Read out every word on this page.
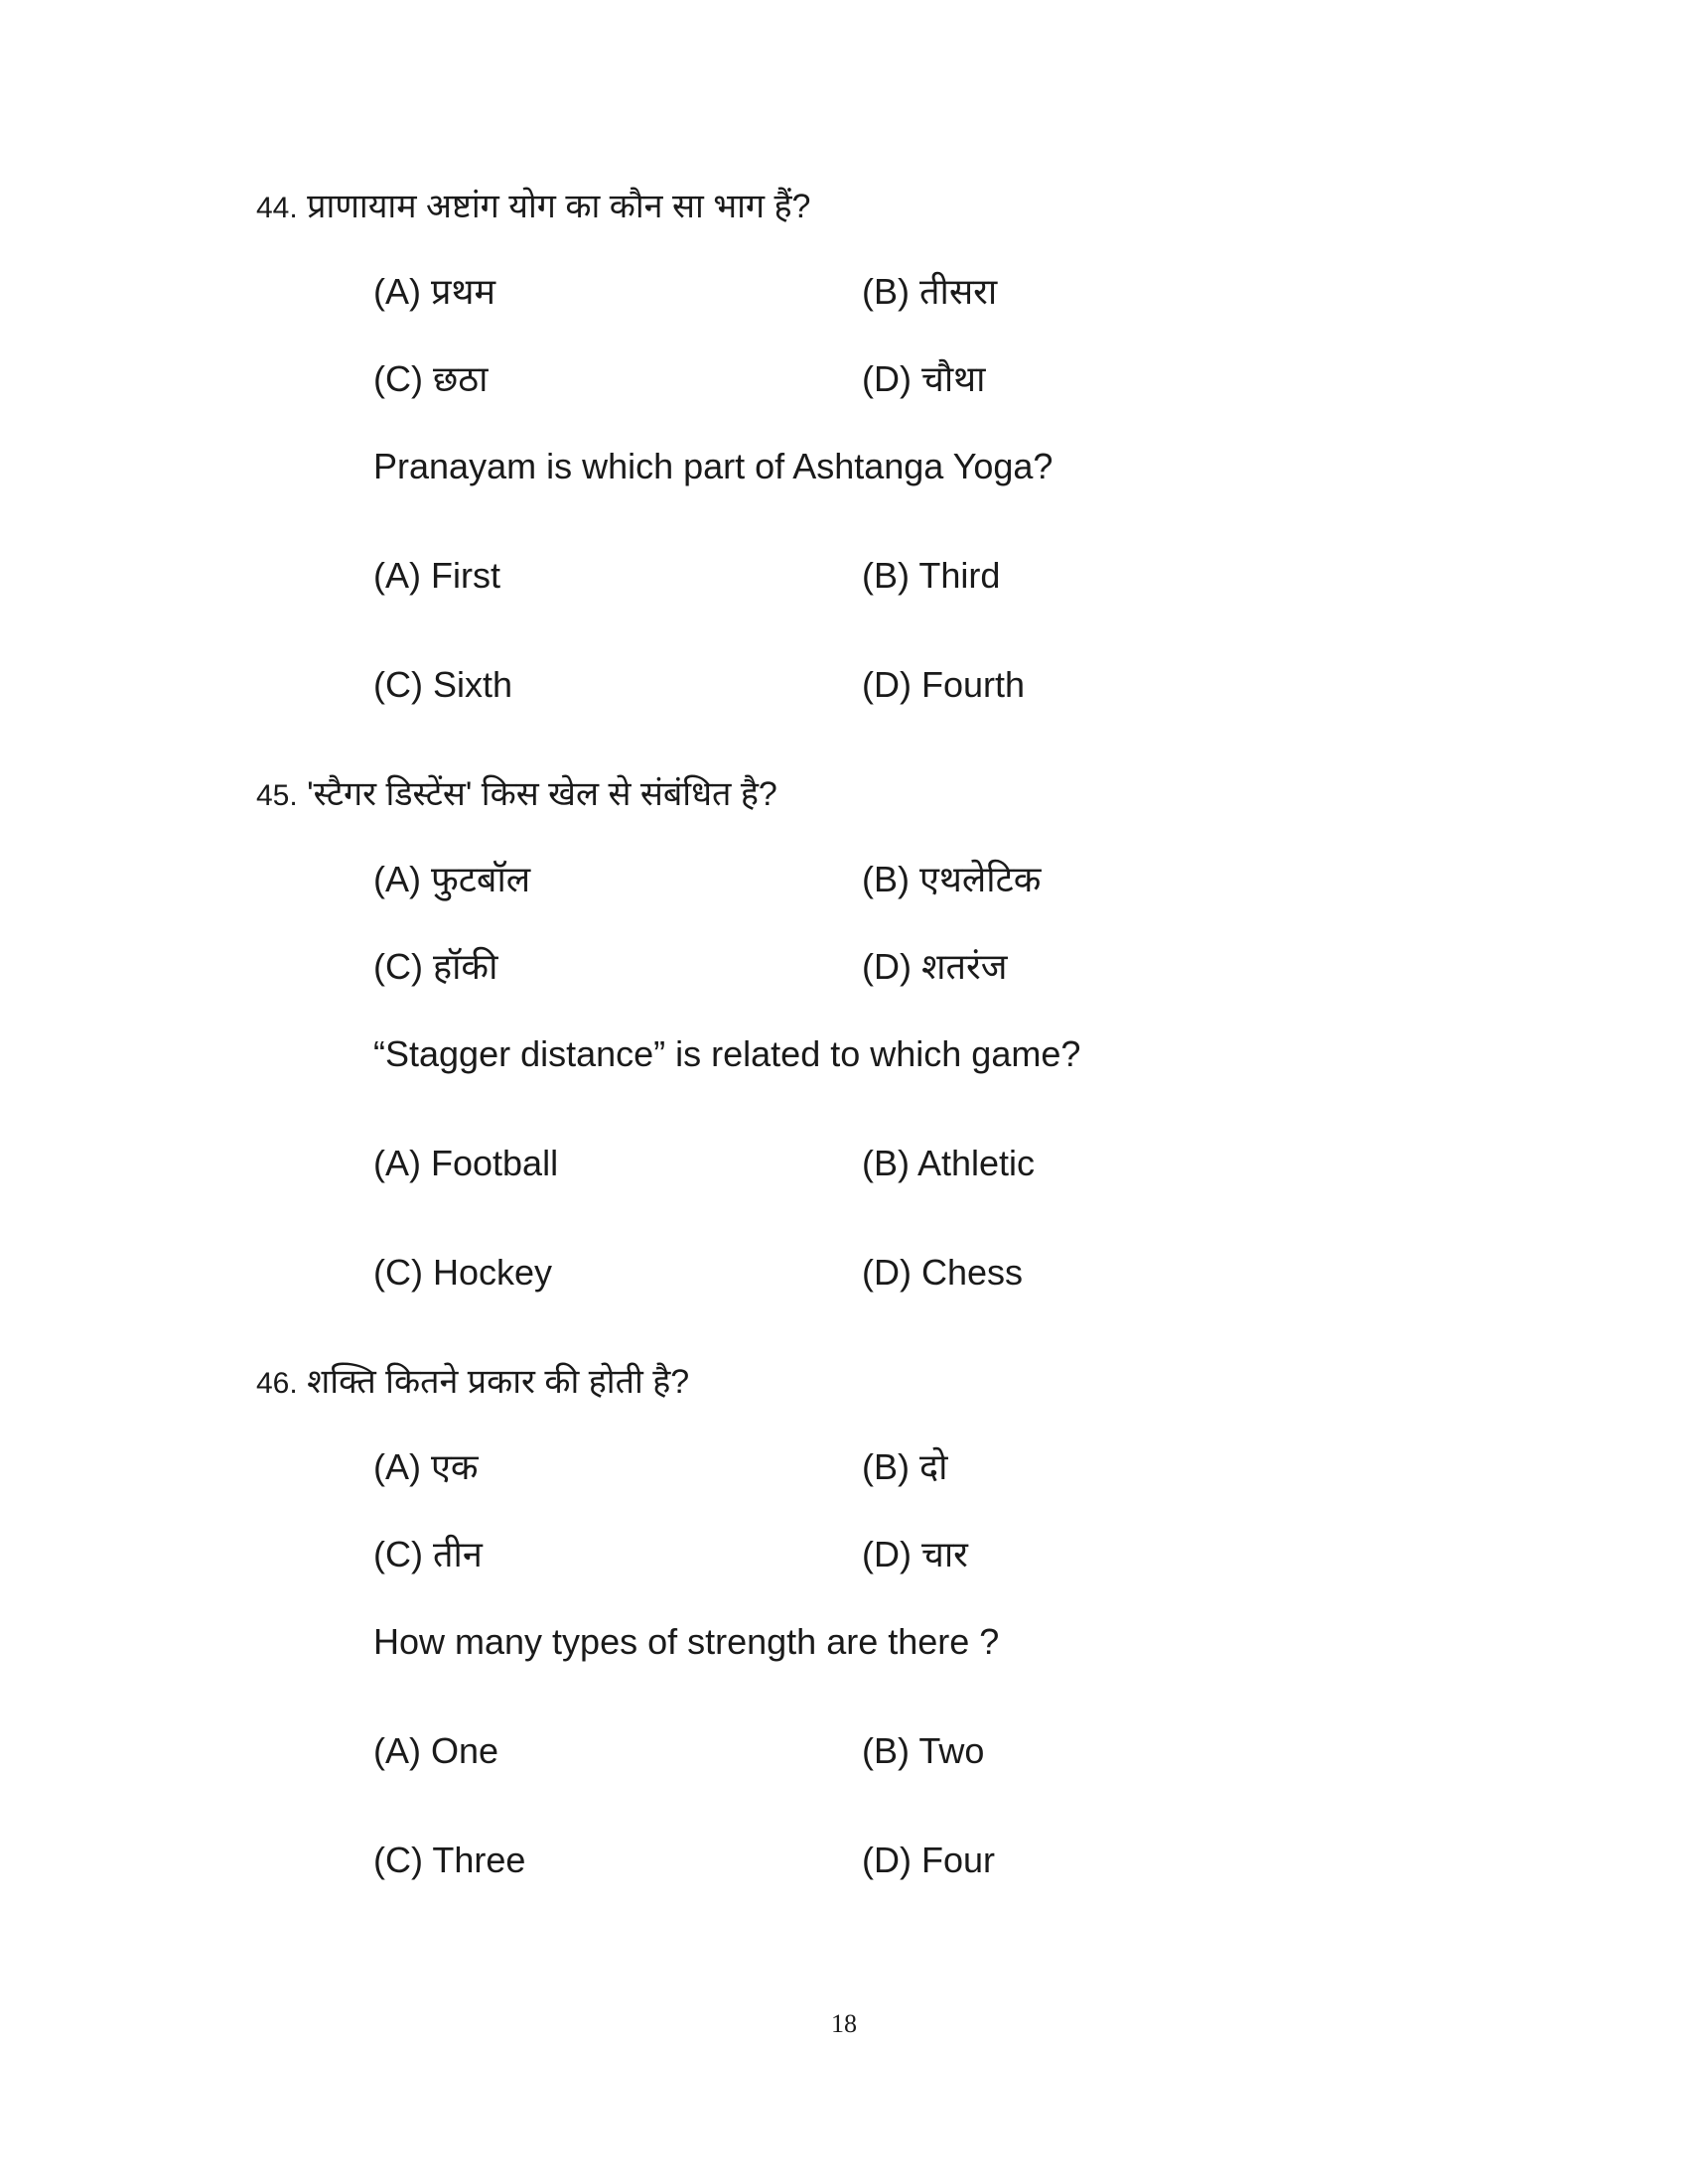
44. प्राणायाम अष्टांग योग का कौन सा भाग हैं?
(A) प्रथम	(B) तीसरा
(C) छठा	(D) चौथा
Pranayam is which part of Ashtanga Yoga?
(A) First	(B) Third
(C) Sixth	(D) Fourth
45. 'स्टैगर डिस्टेंस' किस खेल से संबंधित है?
(A) फुटबॉल	(B) एथलेटिक
(C) हॉकी	(D) शतरंज
“Stagger distance” is related to which game?
(A) Football	(B) Athletic
(C) Hockey	(D) Chess
46. शक्ति कितने प्रकार की होती है?
(A) एक	(B) दो
(C) तीन	(D) चार
How many types of strength are there ?
(A) One	(B) Two
(C) Three	(D) Four
18
